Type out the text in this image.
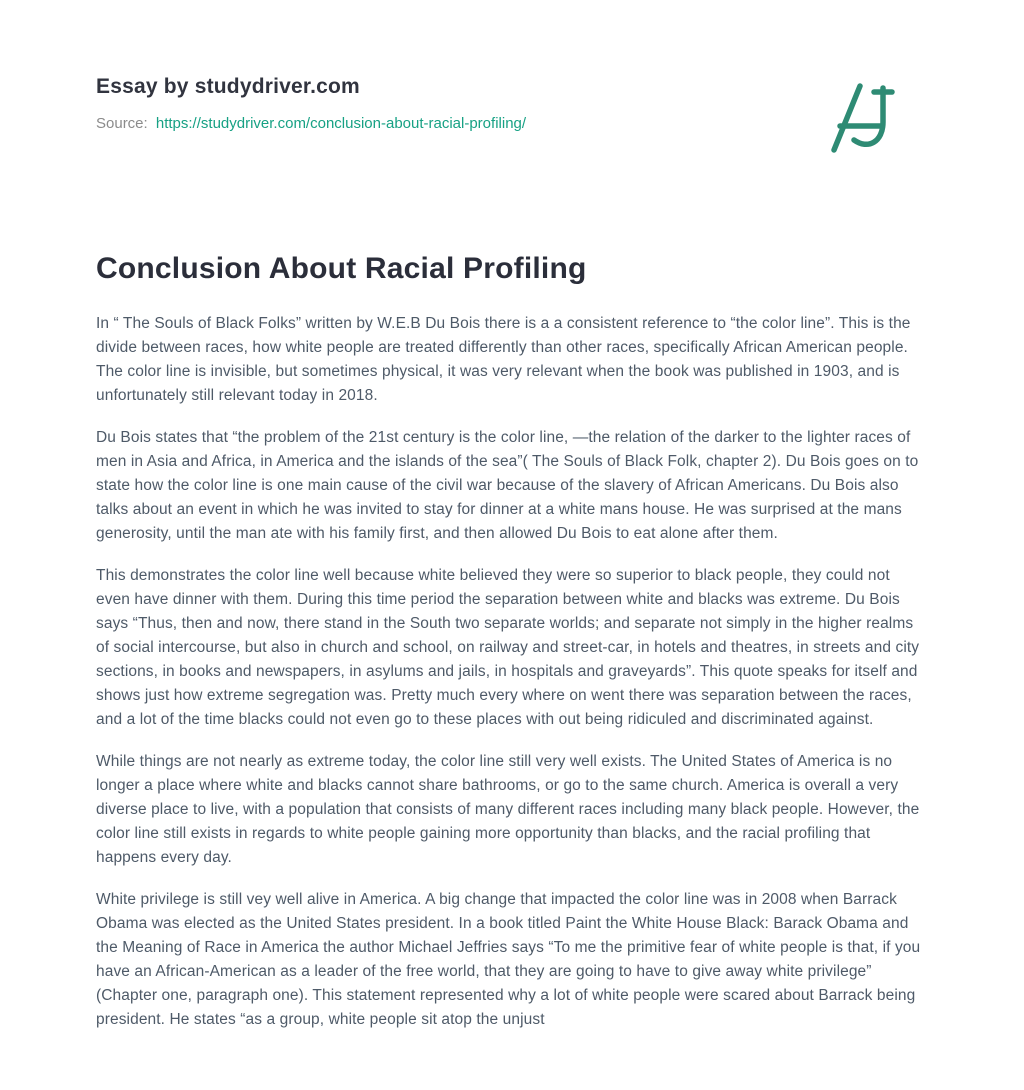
Essay by studydriver.com
Source: https://studydriver.com/conclusion-about-racial-profiling/
Conclusion About Racial Profiling

In “ The Souls of Black Folks” written by W.E.B Du Bois there is a a consistent reference to “the color line”. This is the divide between races, how white people are treated differently than other races, specifically African American people. The color line is invisible, but sometimes physical, it was very relevant when the book was published in 1903, and is unfortunately still relevant today in 2018.

Du Bois states that “the problem of the 21st century is the color line, —the relation of the darker to the lighter races of men in Asia and Africa, in America and the islands of the sea”( The Souls of Black Folk, chapter 2). Du Bois goes on to state how the color line is one main cause of the civil war because of the slavery of African Americans. Du Bois also talks about an event in which he was invited to stay for dinner at a white mans house. He was surprised at the mans generosity, until the man ate with his family first, and then allowed Du Bois to eat alone after them.

This demonstrates the color line well because white believed they were so superior to black people, they could not even have dinner with them. During this time period the separation between white and blacks was extreme. Du Bois says “Thus, then and now, there stand in the South two separate worlds; and separate not simply in the higher realms of social intercourse, but also in church and school, on railway and street-car, in hotels and theatres, in streets and city sections, in books and newspapers, in asylums and jails, in hospitals and graveyards”. This quote speaks for itself and shows just how extreme segregation was. Pretty much every where on went there was separation between the races, and a lot of the time blacks could not even go to these places with out being ridiculed and discriminated against.

While things are not nearly as extreme today, the color line still very well exists. The United States of America is no longer a place where white and blacks cannot share bathrooms, or go to the same church. America is overall a very diverse place to live, with a population that consists of many different races including many black people. However, the color line still exists in regards to white people gaining more opportunity than blacks, and the racial profiling that happens every day.

White privilege is still vey well alive in America. A big change that impacted the color line was in 2008 when Barrack Obama was elected as the United States president. In a book titled Paint the White House Black: Barack Obama and the Meaning of Race in America the author Michael Jeffries says “To me the primitive fear of white people is that, if you have an African-American as a leader of the free world, that they are going to have to give away white privilege” (Chapter one, paragraph one). This statement represented why a lot of white people were scared about Barrack being president. He states “as a group, white people sit atop the unjust
